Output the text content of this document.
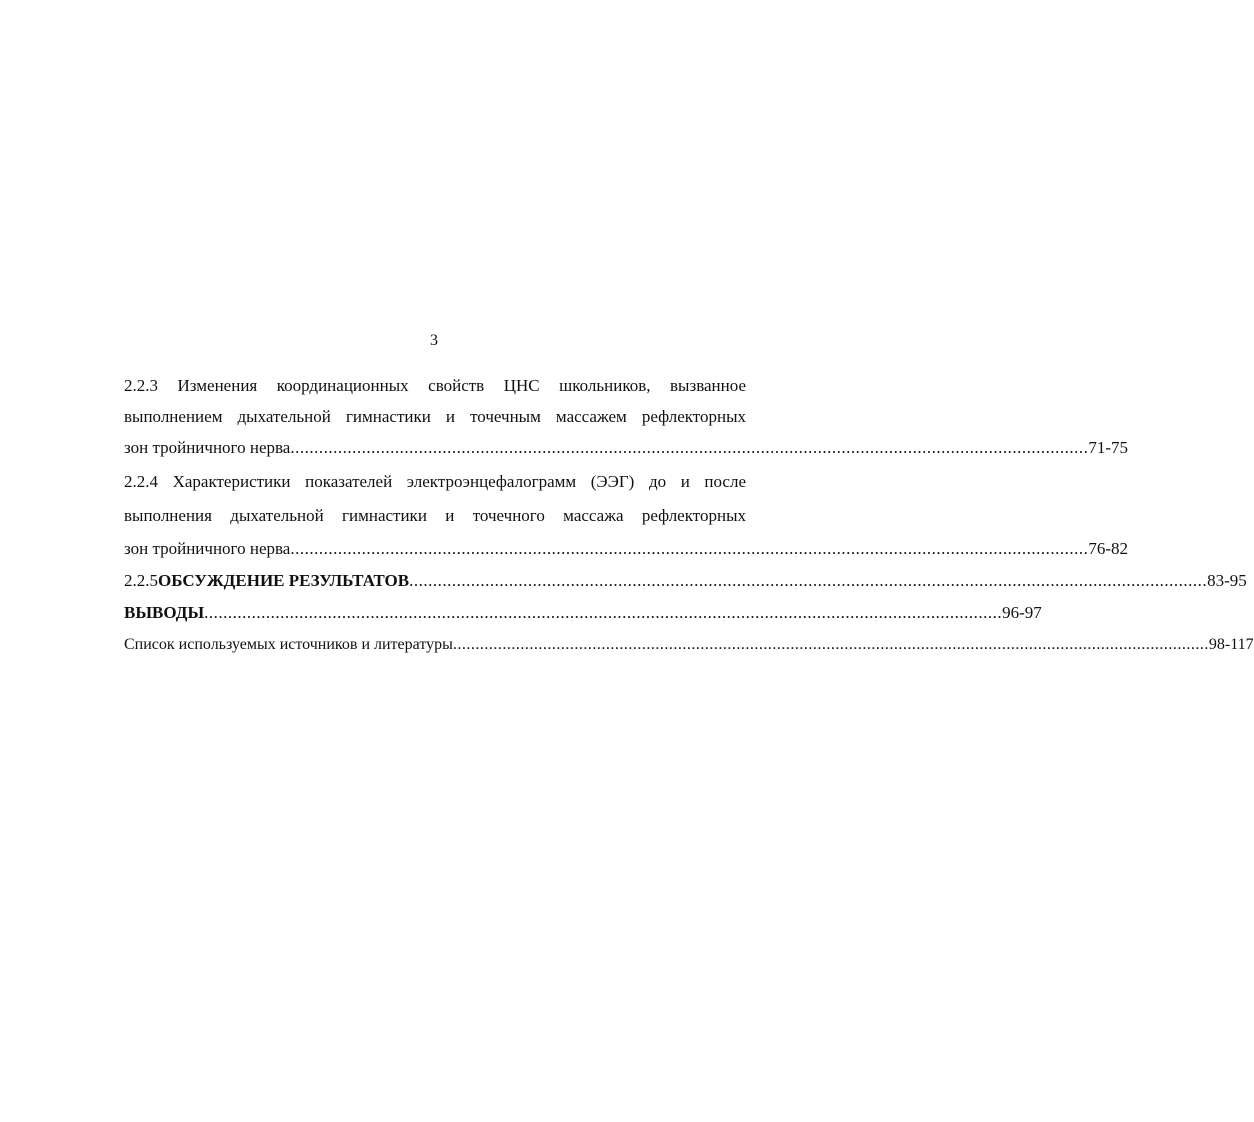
3
2.2.3 Изменения координационных свойств ЦНС школьников, вызванное
выполнением дыхательной гимнастики и точечным массажем рефлекторных
зон тройничного нерва ........................................................................................................................................................................ 71-75
2.2.4 Характеристики показателей электроэнцефалограмм (ЭЭГ) до и после
выполнения дыхательной гимнастики и точечного массажа рефлекторных
зон тройничного нерва ........................................................................................................................................................................ 76-82
2.2.5 ОБСУЖДЕНИЕ РЕЗУЛЬТАТОВ ........................................................................................................................................................................ 83-95
ВЫВОДЫ ........................................................................................................................................................................ 96-97
Список используемых источников и литературы ........................................................................................................................................................................ 98-117
